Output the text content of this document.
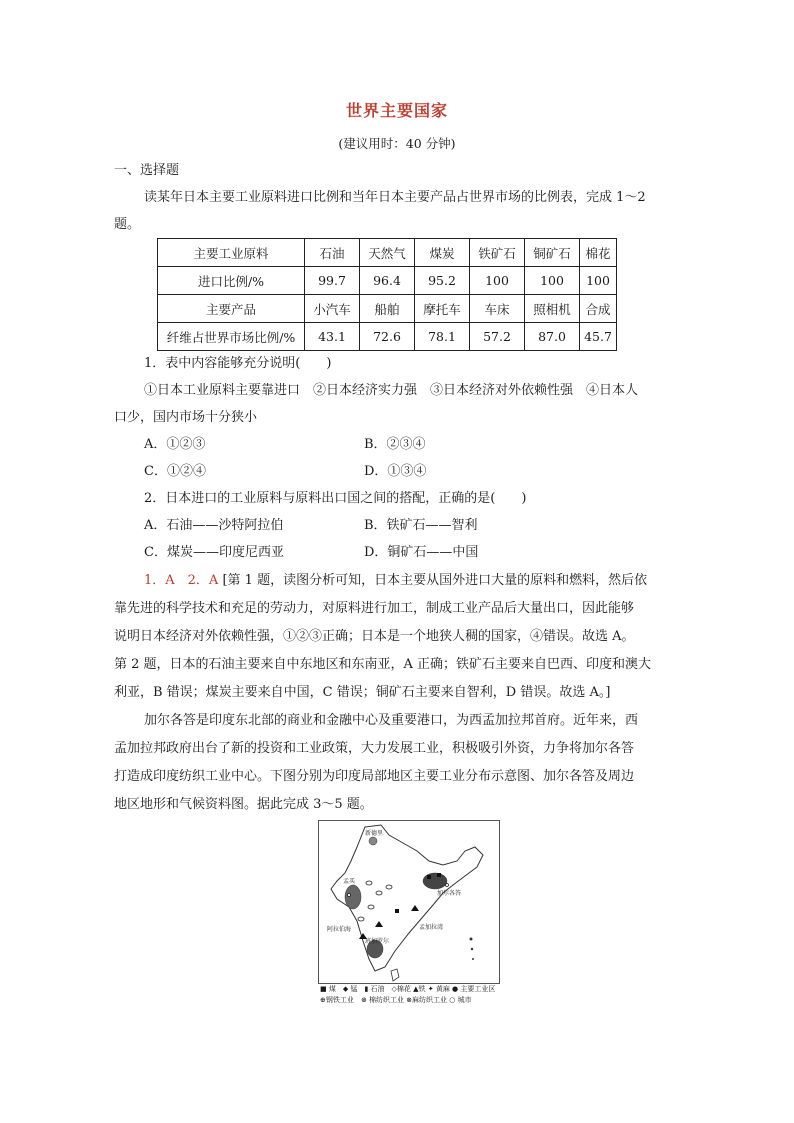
世界主要国家
(建议用时：40 分钟)
一、选择题
读某年日本主要工业原料进口比例和当年日本主要产品占世界市场的比例表，完成 1～2
题。
主要工业原料	石油	天然气	煤炭	铁矿石	铜矿石	棉花
进口比例/%	99.7	96.4	95.2	100	100	100
主要产品	小汽车	船舶	摩托车	车床	照相机	合成
纤维占世界市场比例/%	43.1	72.6	78.1	57.2	87.0	45.7
1．表中内容能够充分说明(　　)
①日本工业原料主要靠进口　②日本经济实力强　③日本经济对外依赖性强　④日本人
口少，国内市场十分狭小
A．①②③	B．②③④
C．①②④	D．①③④
2．日本进口的工业原料与原料出口国之间的搭配，正确的是(　　)
A．石油——沙特阿拉伯	B．铁矿石——智利
C．煤炭——印度尼西亚	D．铜矿石——中国
1．A　2．A [第 1 题，读图分析可知，日本主要从国外进口大量的原料和燃料，然后依
靠先进的科学技术和充足的劳动力，对原料进行加工，制成工业产品后大量出口，因此能够
说明日本经济对外依赖性强，①②③正确；日本是一个地狭人稠的国家，④错误。故选 A。
第 2 题，日本的石油主要来自中东地区和东南亚，A 正确；铁矿石主要来自巴西、印度和澳大
利亚，B 错误；煤炭主要来自中国，C 错误；铜矿石主要来自智利，D 错误。故选 A。]
加尔各答是印度东北部的商业和金融中心及重要港口，为西孟加拉邦首府。近年来，西
孟加拉邦政府出台了新的投资和工业政策，大力发展工业，积极吸引外资，力争将加尔各答
打造成印度纺织工业中心。下图分别为印度局部地区主要工业分布示意图、加尔各答及周边
地区地形和气候资料图。据此完成 3～5 题。
新德里
孟买
加尔各答
班加罗尔
孟加拉湾
阿拉伯海
■ 煤　◆ 锰　▮ 石油　◇棉花 ▲铁 ✦ 黄麻 ● 主要工业区
⊕钢铁工业　⊛ 棉纺织工业 ⊗麻纺织工业 ○ 城市
